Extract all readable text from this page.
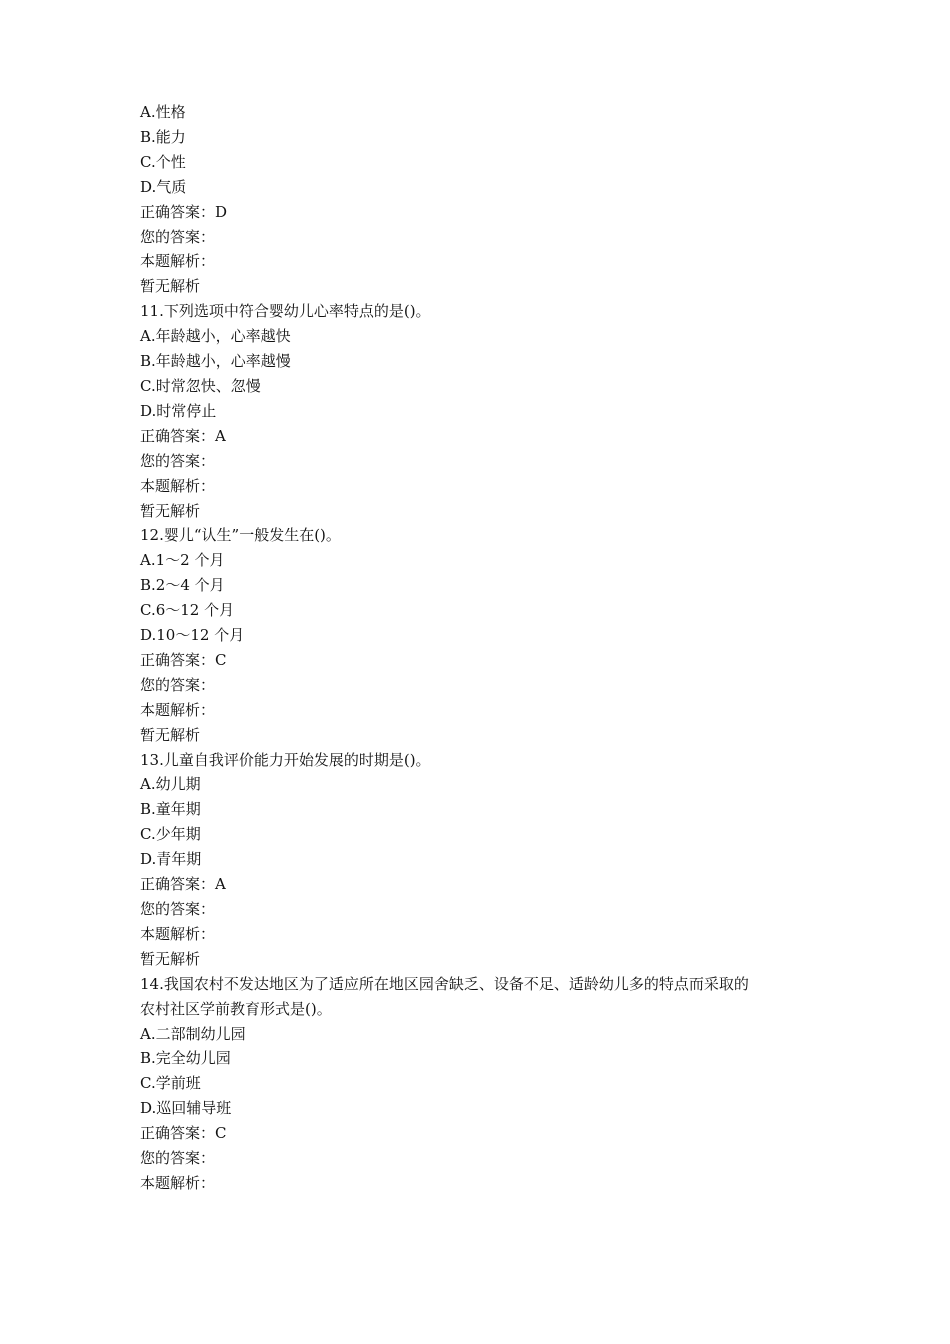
A.性格

B.能力

C.个性

D.气质

正确答案：D

您的答案：

本题解析：

暂无解析

11.下列选项中符合婴幼儿心率特点的是()。

A.年龄越小，心率越快

B.年龄越小，心率越慢

C.时常忽快、忽慢

D.时常停止

正确答案：A

您的答案：

本题解析：

暂无解析

12.婴儿“认生”一般发生在()。

A.1～2 个月

B.2～4 个月

C.6～12 个月

D.10～12 个月

正确答案：C

您的答案：

本题解析：

暂无解析

13.儿童自我评价能力开始发展的时期是()。

A.幼儿期

B.童年期

C.少年期

D.青年期

正确答案：A

您的答案：

本题解析：

暂无解析

14.我国农村不发达地区为了适应所在地区园舍缺乏、设备不足、适龄幼儿多的特点而采取的

农村社区学前教育形式是()。

A.二部制幼儿园

B.完全幼儿园

C.学前班

D.巡回辅导班

正确答案：C

您的答案：

本题解析：
